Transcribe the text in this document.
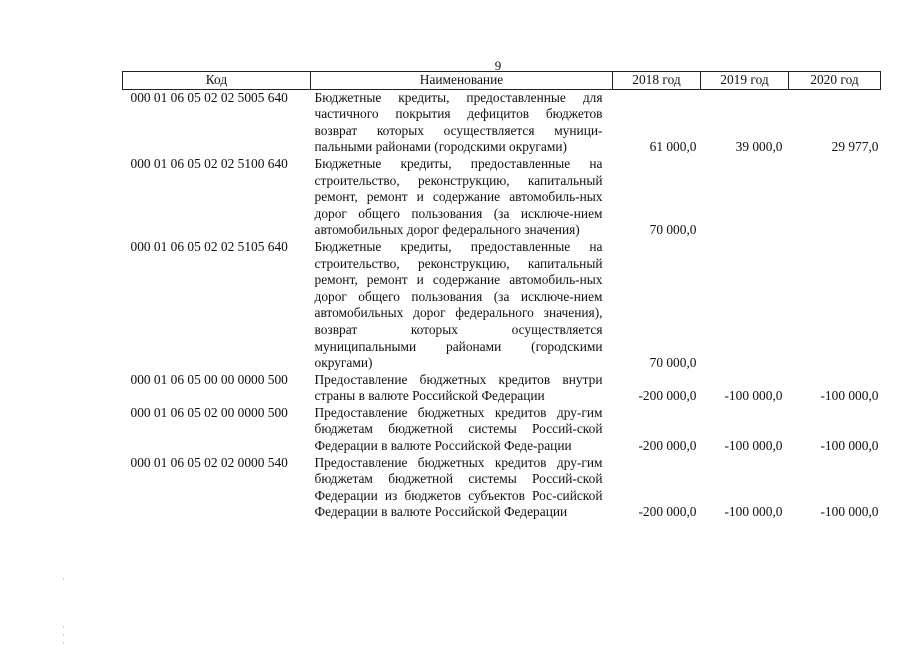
9
Код	Наименование	2018 год	2019 год	2020 год
000 01 06 05 02 02 5005 640	Бюджетные кредиты, предоставленные для частичного покрытия дефицитов бюджетов возврат которых осуществляется муници-пальными районами (городскими округами)	61 000,0	39 000,0	29 977,0
000 01 06 05 02 02 5100 640	Бюджетные кредиты, предоставленные на строительство, реконструкцию, капитальный ремонт, ремонт и содержание автомобиль-ных дорог общего пользования (за исключе-нием автомобильных дорог федерального значения)	70 000,0		
000 01 06 05 02 02 5105 640	Бюджетные кредиты, предоставленные на строительство, реконструкцию, капитальный ремонт, ремонт и содержание автомобиль-ных дорог общего пользования (за исключе-нием автомобильных дорог федерального значения), возврат которых осуществляется муниципальными районами (городскими округами)	70 000,0		
000 01 06 05 00 00 0000 500	Предоставление бюджетных кредитов внутри страны в валюте Российской Федерации	-200 000,0	-100 000,0	-100 000,0
000 01 06 05 02 00 0000 500	Предоставление бюджетных кредитов дру-гим бюджетам бюджетной системы Россий-ской Федерации в валюте Российской Феде-рации	-200 000,0	-100 000,0	-100 000,0
000 01 06 05 02 02 0000 540	Предоставление бюджетных кредитов дру-гим бюджетам бюджетной системы Россий-ской Федерации из бюджетов субъектов Рос-сийской Федерации в валюте Российской Федерации	-200 000,0	-100 000,0	-100 000,0
·

·
·
·
